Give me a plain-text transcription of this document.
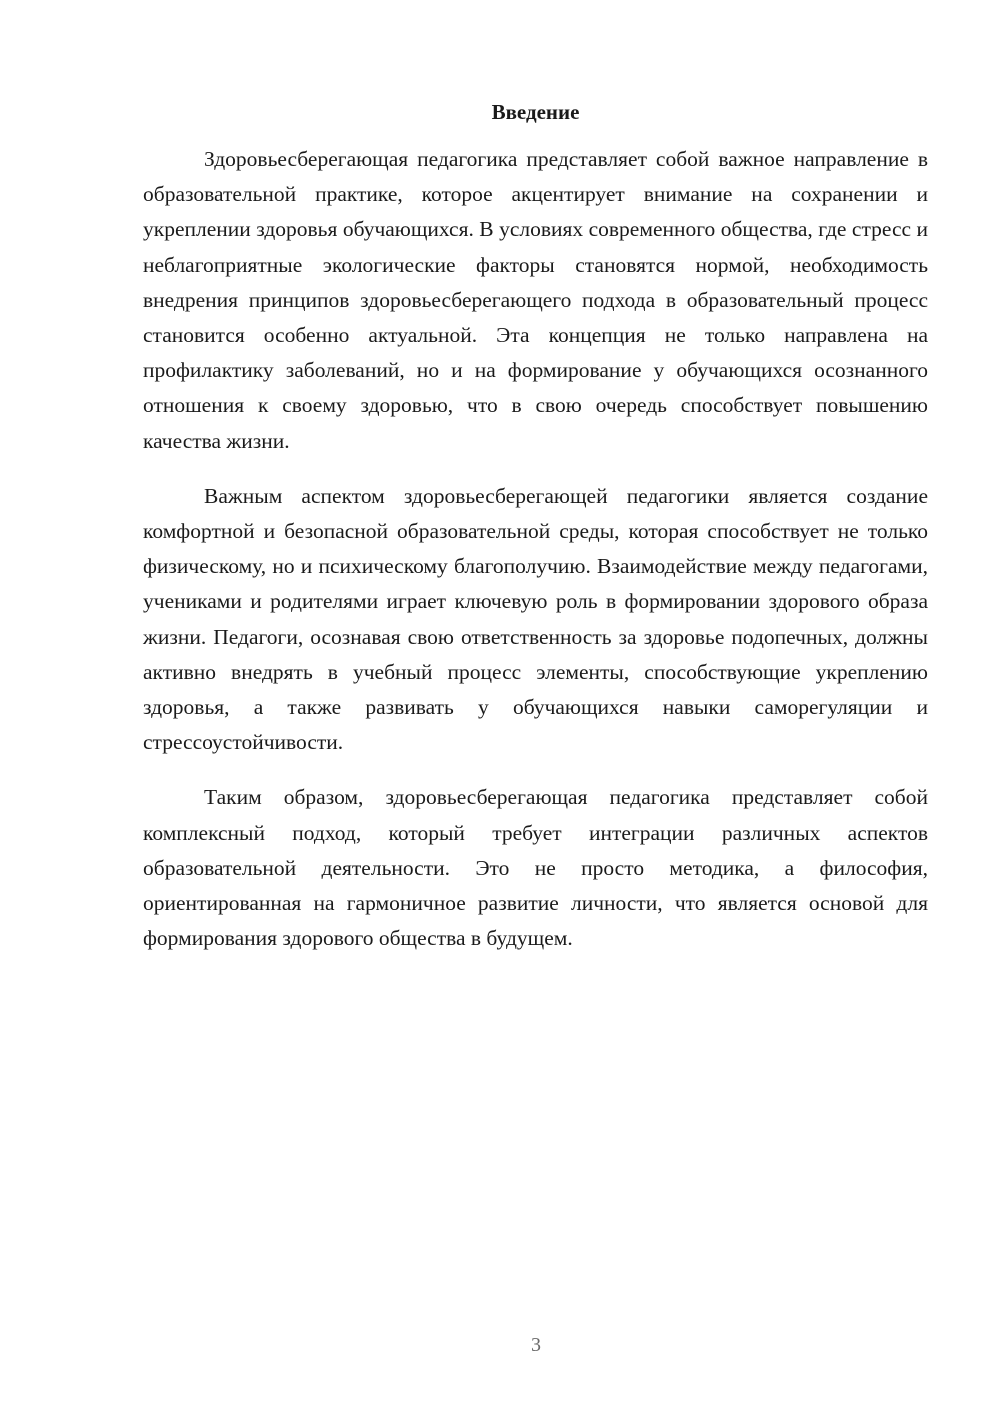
Введение

Здоровьесберегающая педагогика представляет собой важное направление в образовательной практике, которое акцентирует внимание на сохранении и укреплении здоровья обучающихся. В условиях современного общества, где стресс и неблагоприятные экологические факторы становятся нормой, необходимость внедрения принципов здоровьесберегающего подхода в образовательный процесс становится особенно актуальной. Эта концепция не только направлена на профилактику заболеваний, но и на формирование у обучающихся осознанного отношения к своему здоровью, что в свою очередь способствует повышению качества жизни.

Важным аспектом здоровьесберегающей педагогики является создание комфортной и безопасной образовательной среды, которая способствует не только физическому, но и психическому благополучию. Взаимодействие между педагогами, учениками и родителями играет ключевую роль в формировании здорового образа жизни. Педагоги, осознавая свою ответственность за здоровье подопечных, должны активно внедрять в учебный процесс элементы, способствующие укреплению здоровья, а также развивать у обучающихся навыки саморегуляции и стрессоустойчивости.

Таким образом, здоровьесберегающая педагогика представляет собой комплексный подход, который требует интеграции различных аспектов образовательной деятельности. Это не просто методика, а философия, ориентированная на гармоничное развитие личности, что является основой для формирования здорового общества в будущем.

3
